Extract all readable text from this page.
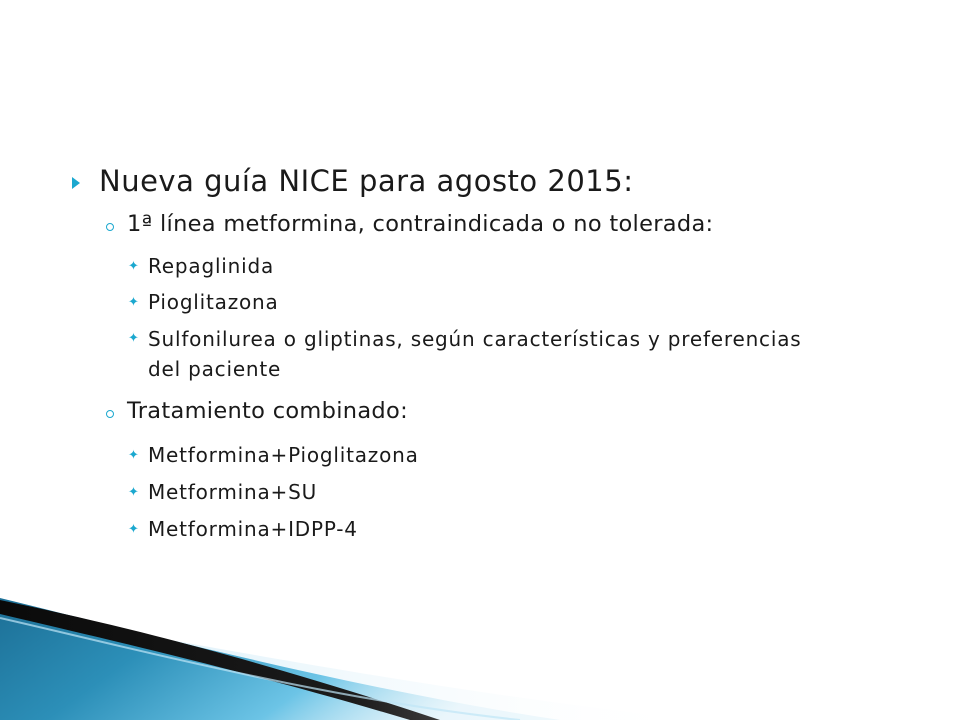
Nueva guía NICE para agosto 2015:
1ª línea metformina, contraindicada o no tolerada:
✦ Repaglinida
✦ Pioglitazona
✦ Sulfonilurea o gliptinas, según características y preferencias del paciente
Tratamiento combinado:
✦ Metformina+Pioglitazona
✦ Metformina+SU
✦ Metformina+IDPP-4
